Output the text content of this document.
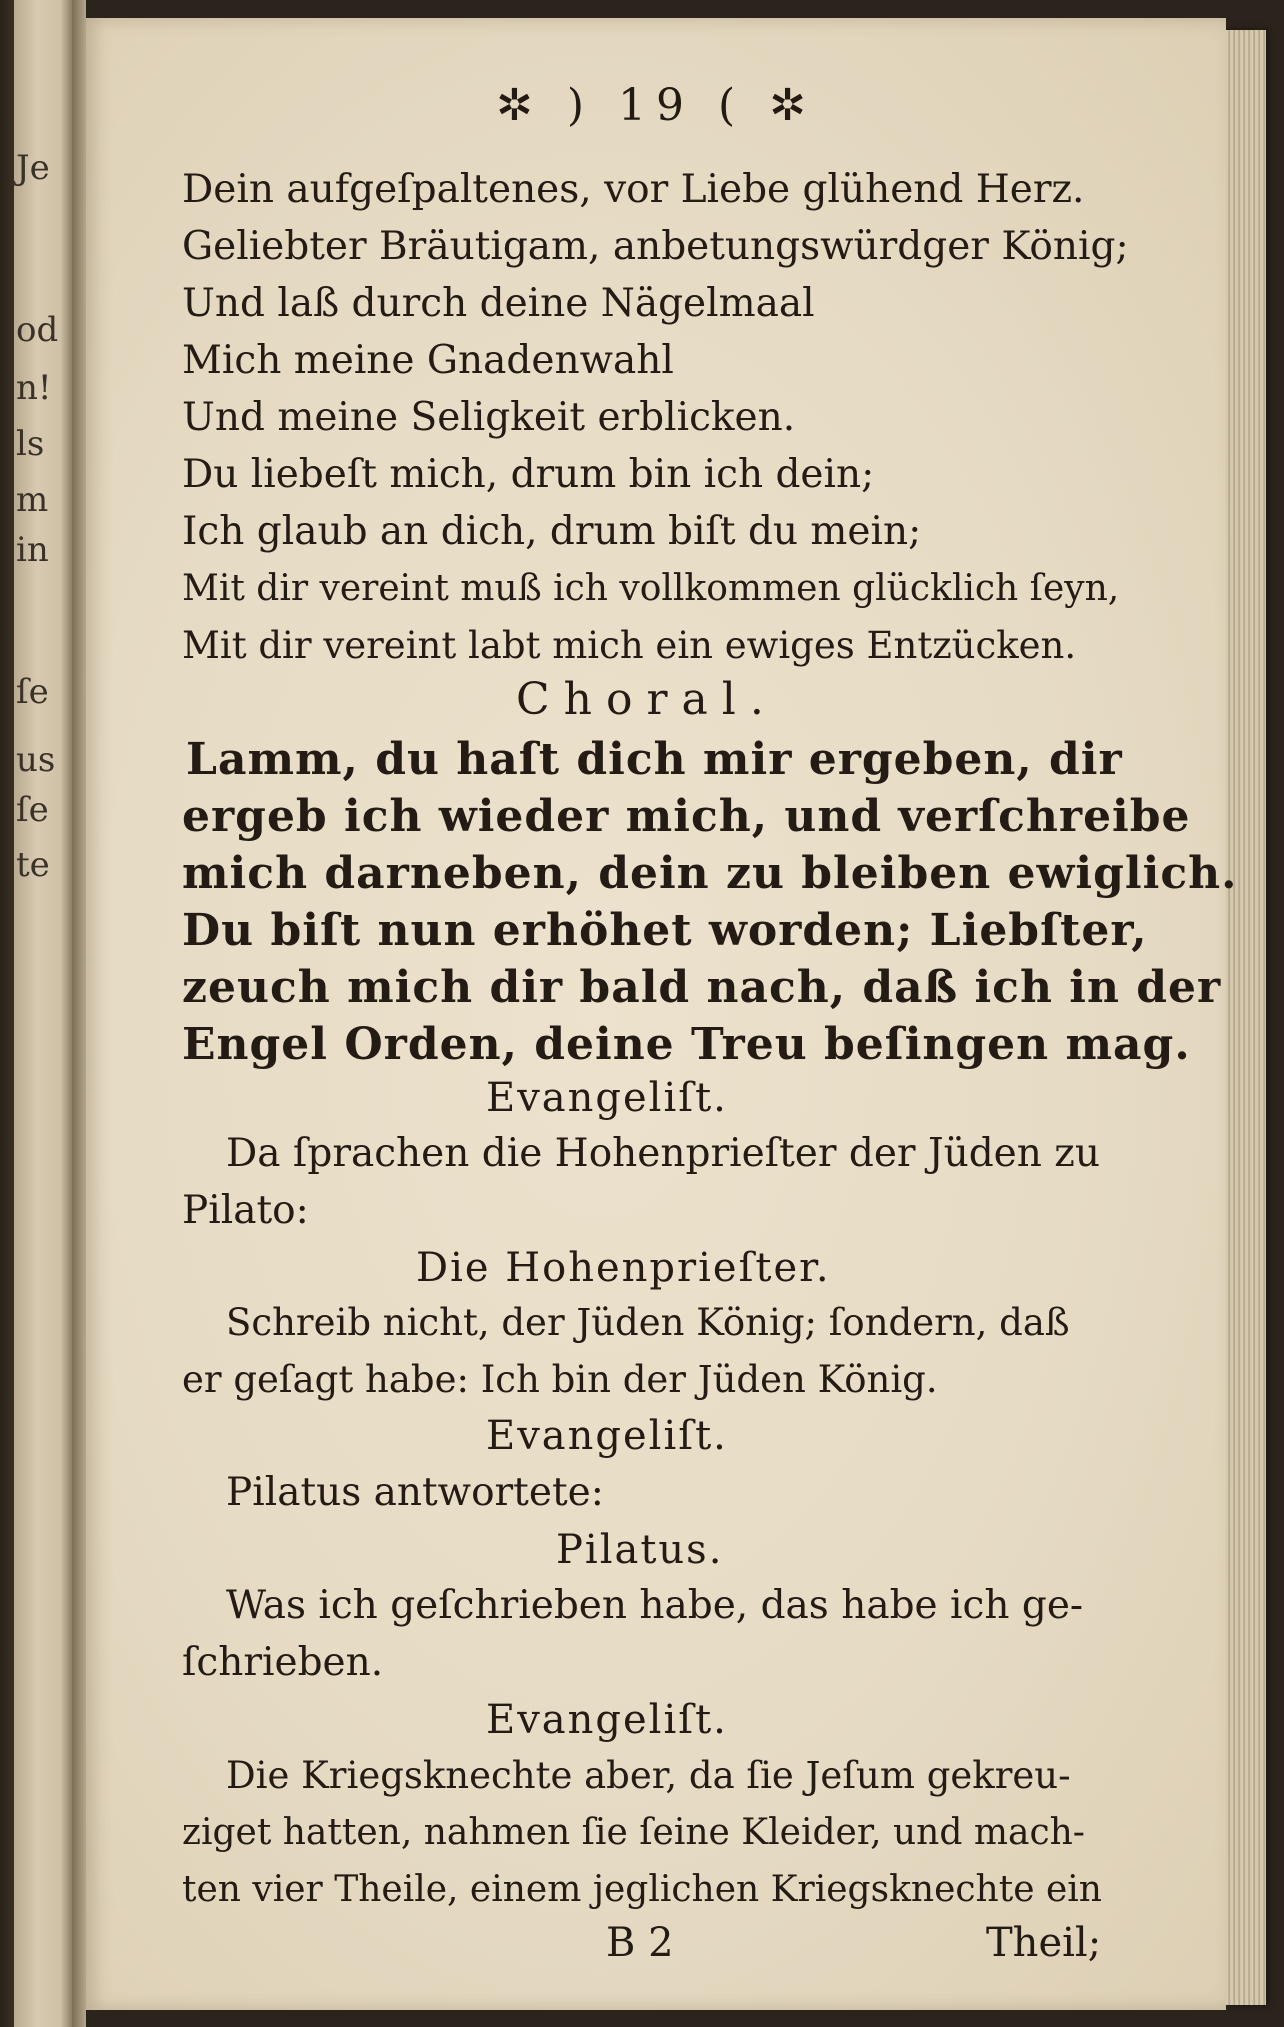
Je
od
n!
ls
m
in
ſe
us
ſe
te
✲ ) 19 ( ✲
Dein aufgeſpaltenes, vor Liebe glühend Herz.
Geliebter Bräutigam, anbetungswürdger König;
Und laß durch deine Nägelmaal
Mich meine Gnadenwahl
Und meine Seligkeit erblicken.
Du liebeſt mich, drum bin ich dein;
Ich glaub an dich, drum biſt du mein;
Mit dir vereint muß ich vollkommen glücklich ſeyn,
Mit dir vereint labt mich ein ewiges Entzücken.
Choral.
Lamm, du haſt dich mir ergeben, dir
ergeb ich wieder mich, und verſchreibe
mich darneben, dein zu bleiben ewiglich.
Du biſt nun erhöhet worden; Liebſter,
zeuch mich dir bald nach, daß ich in der
Engel Orden, deine Treu beſingen mag.
Evangeliſt.
Da ſprachen die Hohenprieſter der Jüden zu
Pilato:
Die Hohenprieſter.
Schreib nicht, der Jüden König; ſondern, daß
er geſagt habe: Ich bin der Jüden König.
Evangeliſt.
Pilatus antwortete:
Pilatus.
Was ich geſchrieben habe, das habe ich ge-
ſchrieben.
Evangeliſt.
Die Kriegsknechte aber, da ſie Jeſum gekreu-
ziget hatten, nahmen ſie ſeine Kleider, und mach-
ten vier Theile, einem jeglichen Kriegsknechte ein
B 2	Theil;
